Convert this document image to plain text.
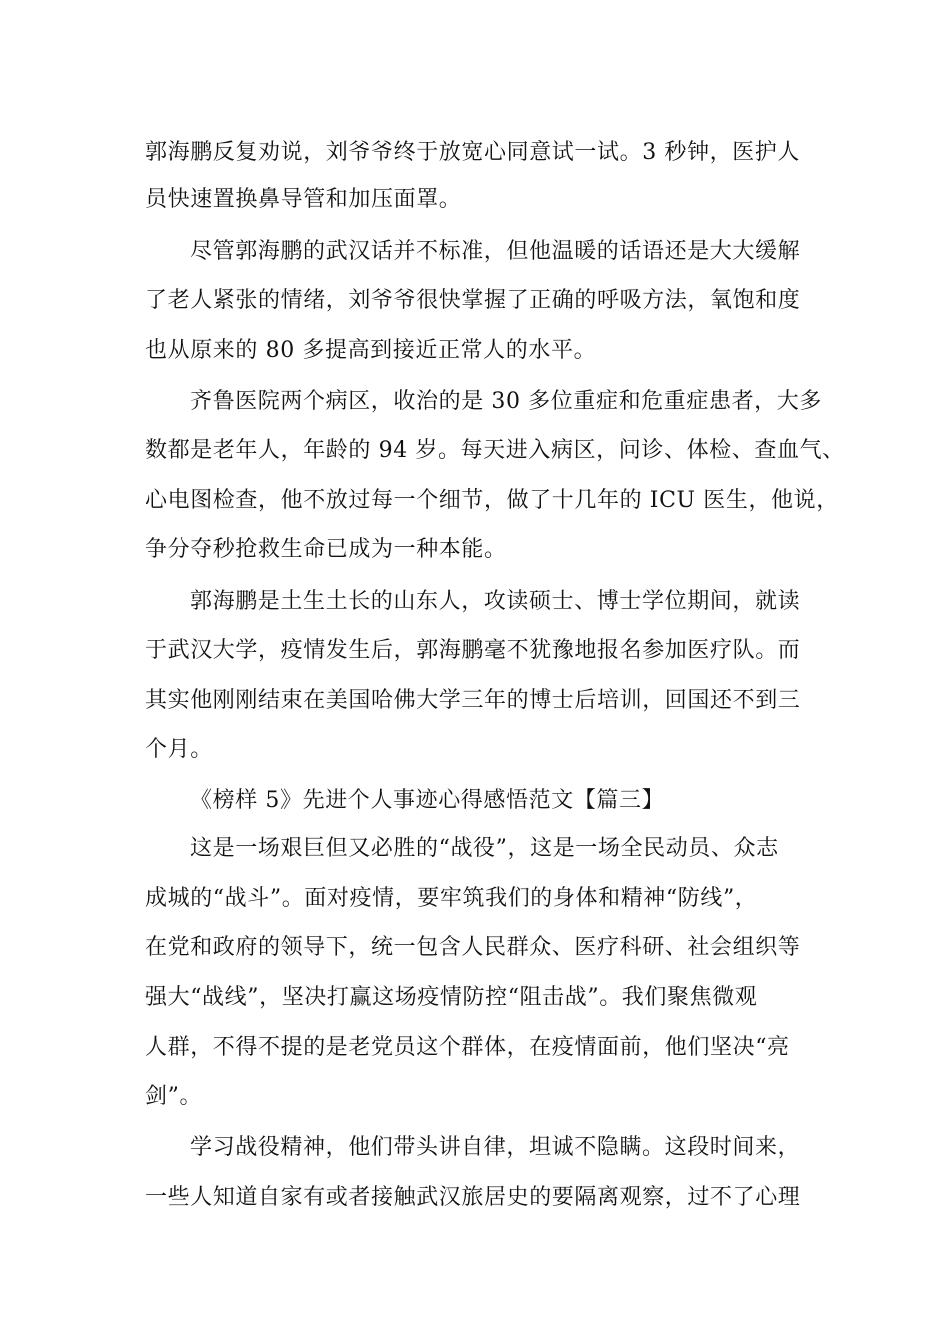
郭海鹏反复劝说，刘爷爷终于放宽心同意试一试。3 秒钟，医护人
员快速置换鼻导管和加压面罩。
尽管郭海鹏的武汉话并不标准，但他温暖的话语还是大大缓解
了老人紧张的情绪，刘爷爷很快掌握了正确的呼吸方法，氧饱和度
也从原来的 80 多提高到接近正常人的水平。
齐鲁医院两个病区，收治的是 30 多位重症和危重症患者，大多
数都是老年人，年龄的 94 岁。每天进入病区，问诊、体检、查血气、
心电图检查，他不放过每一个细节，做了十几年的 ICU 医生，他说，
争分夺秒抢救生命已成为一种本能。
郭海鹏是土生土长的山东人，攻读硕士、博士学位期间，就读
于武汉大学，疫情发生后，郭海鹏毫不犹豫地报名参加医疗队。而
其实他刚刚结束在美国哈佛大学三年的博士后培训，回国还不到三
个月。
《榜样 5》先进个人事迹心得感悟范文【篇三】
这是一场艰巨但又必胜的“战役”，这是一场全民动员、众志
成城的“战斗”。面对疫情，要牢筑我们的身体和精神“防线”，
在党和政府的领导下，统一包含人民群众、医疗科研、社会组织等
强大“战线”，坚决打赢这场疫情防控“阻击战”。我们聚焦微观
人群，不得不提的是老党员这个群体，在疫情面前，他们坚决“亮
剑”。
学习战役精神，他们带头讲自律，坦诚不隐瞒。这段时间来，
一些人知道自家有或者接触武汉旅居史的要隔离观察，过不了心理
